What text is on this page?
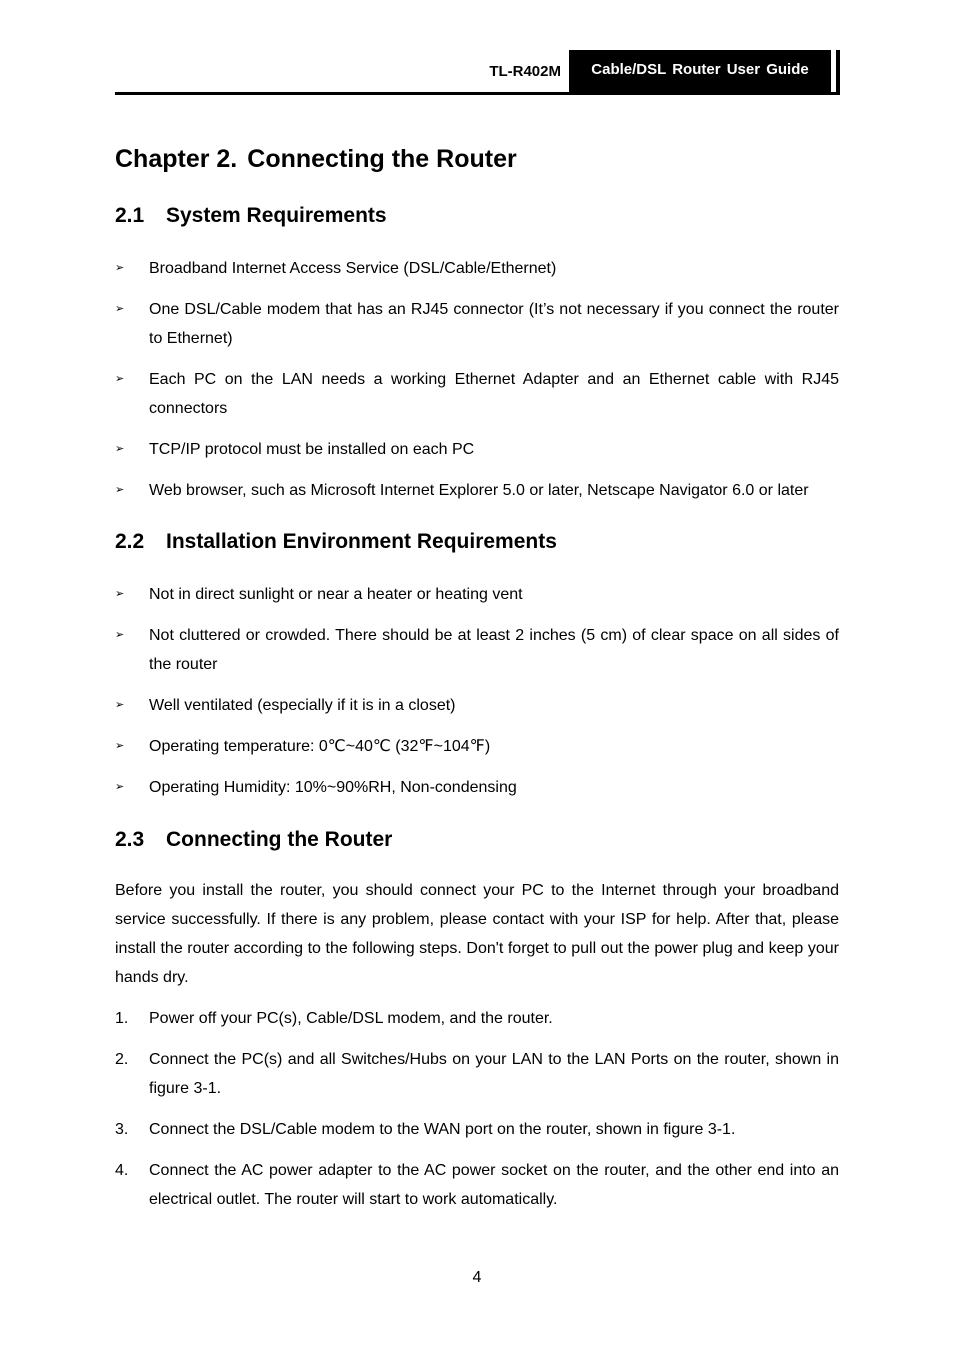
TL-R402M	Cable/DSL Router User Guide
Chapter 2. Connecting the Router
2.1 System Requirements
➢ Broadband Internet Access Service (DSL/Cable/Ethernet)
➢ One DSL/Cable modem that has an RJ45 connector (It’s not necessary if you connect the router to Ethernet)
➢ Each PC on the LAN needs a working Ethernet Adapter and an Ethernet cable with RJ45 connectors
➢ TCP/IP protocol must be installed on each PC
➢ Web browser, such as Microsoft Internet Explorer 5.0 or later, Netscape Navigator 6.0 or later
2.2 Installation Environment Requirements
➢ Not in direct sunlight or near a heater or heating vent
➢ Not cluttered or crowded. There should be at least 2 inches (5 cm) of clear space on all sides of the router
➢ Well ventilated (especially if it is in a closet)
➢ Operating temperature: 0℃~40℃ (32℉~104℉)
➢ Operating Humidity: 10%~90%RH, Non-condensing
2.3 Connecting the Router

Before you install the router, you should connect your PC to the Internet through your broadband service successfully. If there is any problem, please contact with your ISP for help. After that, please install the router according to the following steps. Don't forget to pull out the power plug and keep your hands dry.

1. Power off your PC(s), Cable/DSL modem, and the router.
2. Connect the PC(s) and all Switches/Hubs on your LAN to the LAN Ports on the router, shown in figure 3-1.
3. Connect the DSL/Cable modem to the WAN port on the router, shown in figure 3-1.
4. Connect the AC power adapter to the AC power socket on the router, and the other end into an electrical outlet. The router will start to work automatically.
4
